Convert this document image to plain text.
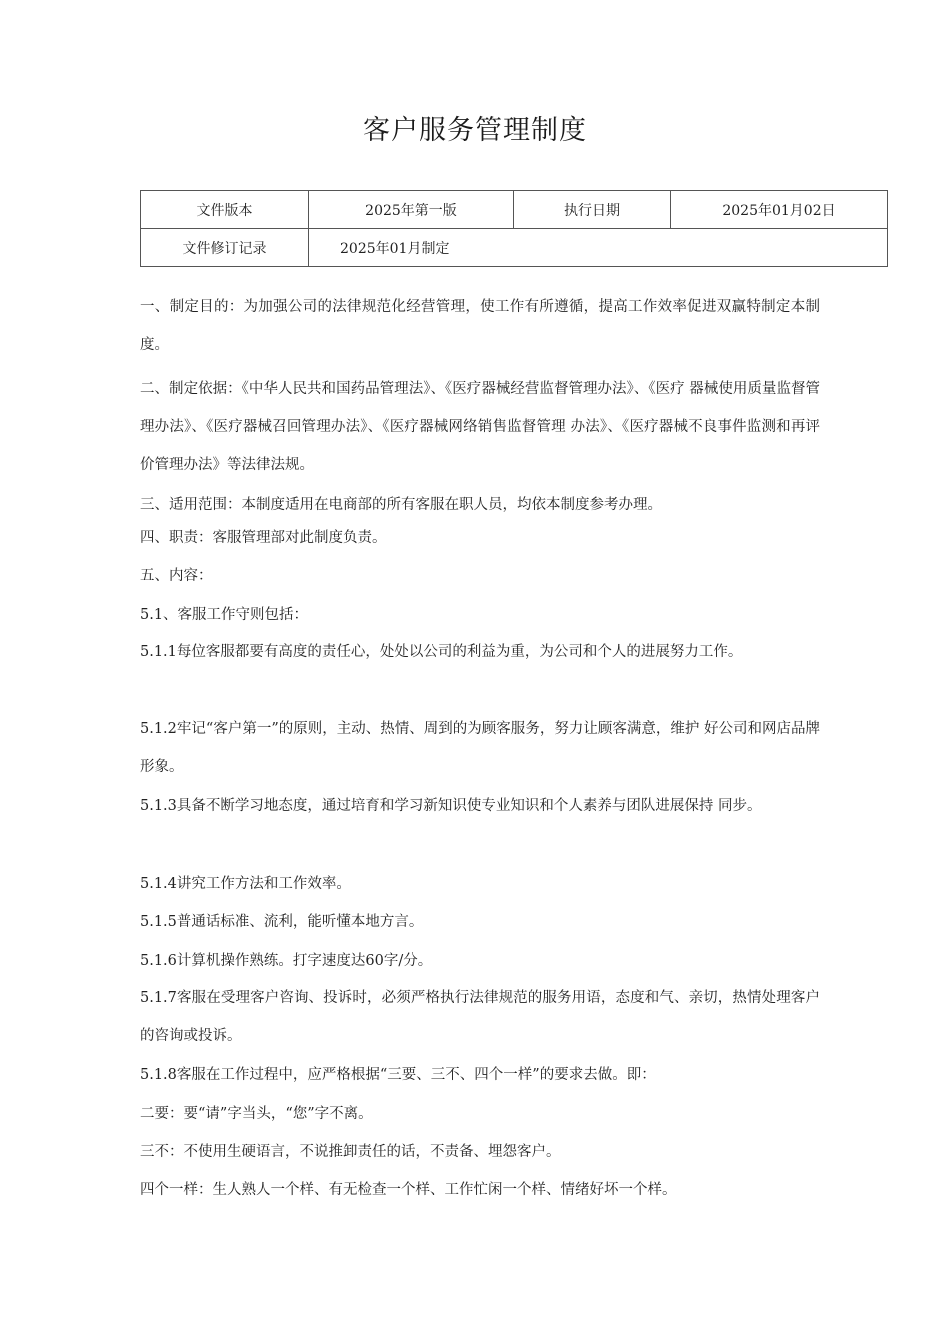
客户服务管理制度
文件版本	2025年第一版	执行日期	2025年01月02日
文件修订记录	2025年01月制定		

一、制定目的：为加强公司的法律规范化经营管理，使工作有所遵循，提高工作效率促进双赢特制定本制度。

二、制定依据：《中华人民共和国药品管理法》、《医疗器械经营监督管理办法》、《医疗 器械使用质量监督管理办法》、《医疗器械召回管理办法》、《医疗器械网络销售监督管理 办法》、《医疗器械不良事件监测和再评价管理办法》等法律法规。

三、适用范围：本制度适用在电商部的所有客服在职人员，均依本制度参考办理。

四、职责：客服管理部对此制度负责。

五、内容：

5.1、客服工作守则包括：

5.1.1每位客服都要有高度的责任心，处处以公司的利益为重，为公司和个人的进展努力工作。

5.1.2牢记“客户第一”的原则，主动、热情、周到的为顾客服务，努力让顾客满意，维护 好公司和网店品牌形象。

5.1.3具备不断学习地态度，通过培育和学习新知识使专业知识和个人素养与团队进展保持 同步。

5.1.4讲究工作方法和工作效率。

5.1.5普通话标准、流利，能听懂本地方言。

5.1.6计算机操作熟练。打字速度达60字/分。

5.1.7客服在受理客户咨询、投诉时，必须严格执行法律规范的服务用语，态度和气、亲切，热情处理客户的咨询或投诉。

5.1.8客服在工作过程中，应严格根据“三要、三不、四个一样”的要求去做。即：

二要：要“请”字当头，“您”字不离。

三不：不使用生硬语言，不说推卸责任的话，不责备、埋怨客户。

四个一样：生人熟人一个样、有无检查一个样、工作忙闲一个样、情绪好坏一个样。
